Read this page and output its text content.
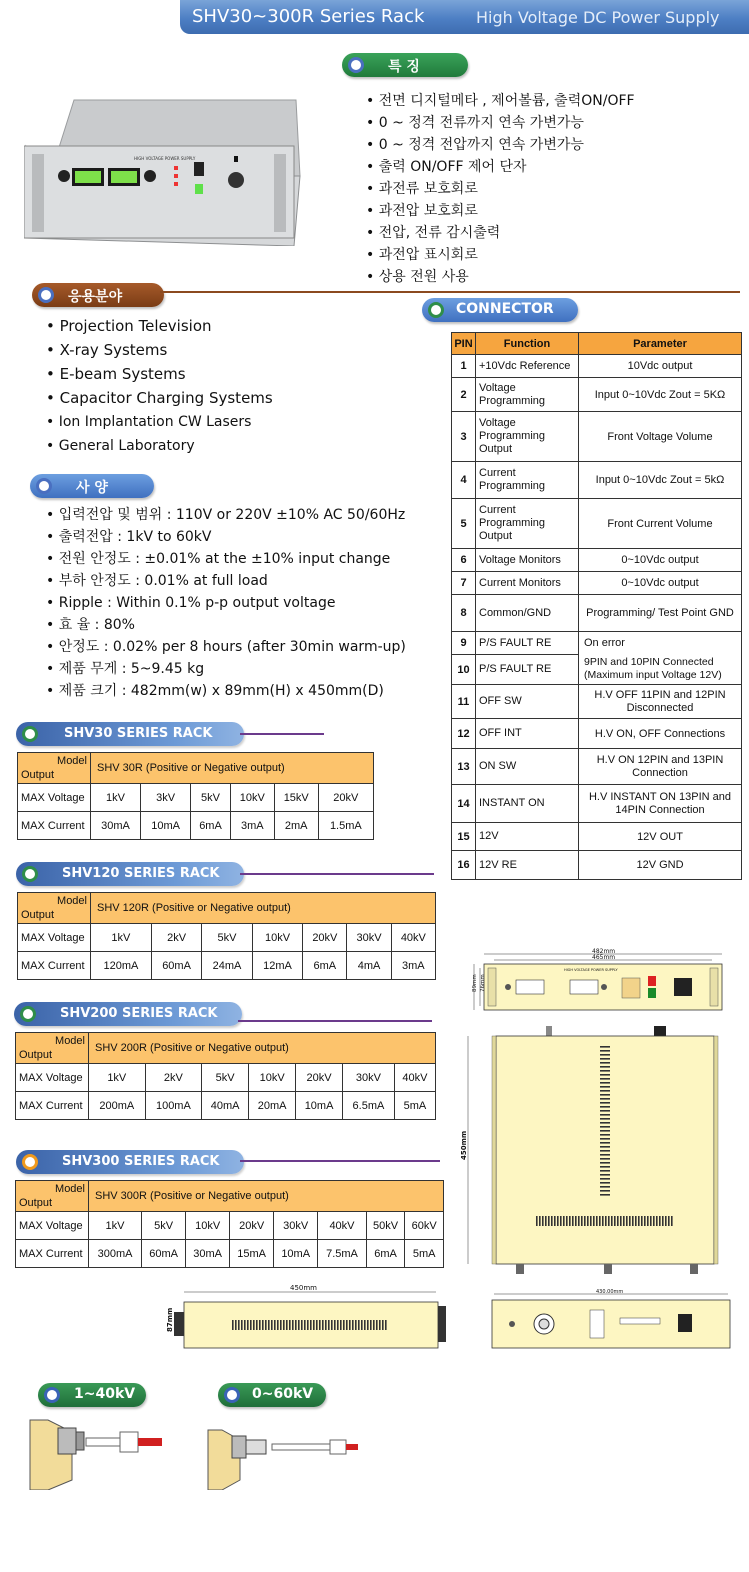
SHV30~300R Series Rack	High Voltage DC Power Supply
HIGH VOLTAGE POWER SUPPLY
특 징
• 전면 디지털메타 , 제어볼륨, 출력ON/OFF
• 0 ~ 정격 전류까지 연속 가변가능
• 0 ~ 정격 전압까지 연속 가변가능
• 출력 ON/OFF 제어 단자
• 과전류 보호회로
• 과전압 보호회로
• 전압, 전류 감시출력
• 과전압 표시회로
• 상용 전원 사용
응용분야
• Projection Television
• X-ray Systems
• E-beam Systems
• Capacitor Charging Systems
• Ion Implantation CW Lasers
• General Laboratory
사 양
• 입력전압 및 범위 : 110V or 220V ±10% AC 50/60Hz
• 출력전압 : 1kV to 60kV
• 전원 안정도 : ±0.01% at the ±10% input change
• 부하 안정도 : 0.01% at full load
• Ripple : Within 0.1% p-p output voltage
• 효 율 : 80%
• 안정도 : 0.02% per 8 hours (after 30min warm-up)
• 제품 무게 : 5~9.45 kg
• 제품 크기 : 482mm(w) x 89mm(H) x 450mm(D)
CONNECTOR
PIN	Function	Parameter
1	+10Vdc Reference	10Vdc output
2	Voltage Programming	Input 0~10Vdc Zout = 5KΩ
3	Voltage Programming Output	Front Voltage Volume
4	Current Programming	Input 0~10Vdc Zout = 5kΩ
5	Current Programming Output	Front Current Volume
6	Voltage Monitors	0~10Vdc output
7	Current Monitors	0~10Vdc output
8	Common/GND	Programming/ Test Point GND
9	P/S FAULT RE	On error
10	P/S FAULT RE	9PIN and 10PIN Connected (Maximum input Voltage 12V)
11	OFF SW	H.V OFF 11PIN and 12PIN Disconnected
12	OFF INT	H.V ON, OFF Connections
13	ON SW	H.V ON 12PIN and 13PIN Connection
14	INSTANT ON	H.V INSTANT ON 13PIN and 14PIN Connection
15	12V	12V OUT
16	12V RE	12V GND
SHV30 SERIES RACK
Model
Output	SHV 30R (Positive or Negative output)					
MAX Voltage	1kV	3kV	5kV	10kV	15kV	20kV
MAX Current	30mA	10mA	6mA	3mA	2mA	1.5mA
SHV120 SERIES RACK
Model
Output	SHV 120R (Positive or Negative output)						
MAX Voltage	1kV	2kV	5kV	10kV	20kV	30kV	40kV
MAX Current	120mA	60mA	24mA	12mA	6mA	4mA	3mA
SHV200 SERIES RACK
Model
Output	SHV 200R (Positive or Negative output)						
MAX Voltage	1kV	2kV	5kV	10kV	20kV	30kV	40kV
MAX Current	200mA	100mA	40mA	20mA	10mA	6.5mA	5mA
SHV300 SERIES RACK
Model
Output	SHV 300R (Positive or Negative output)							
MAX Voltage	1kV	5kV	10kV	20kV	30kV	40kV	50kV	60kV
MAX Current	300mA	60mA	30mA	15mA	10mA	7.5mA	6mA	5mA
482mm
465mm
HIGH VOLTAGE POWER SUPPLY
89mm 76mm
450mm
450mm
87mm
430.00mm
1~40kV	0~60kV
